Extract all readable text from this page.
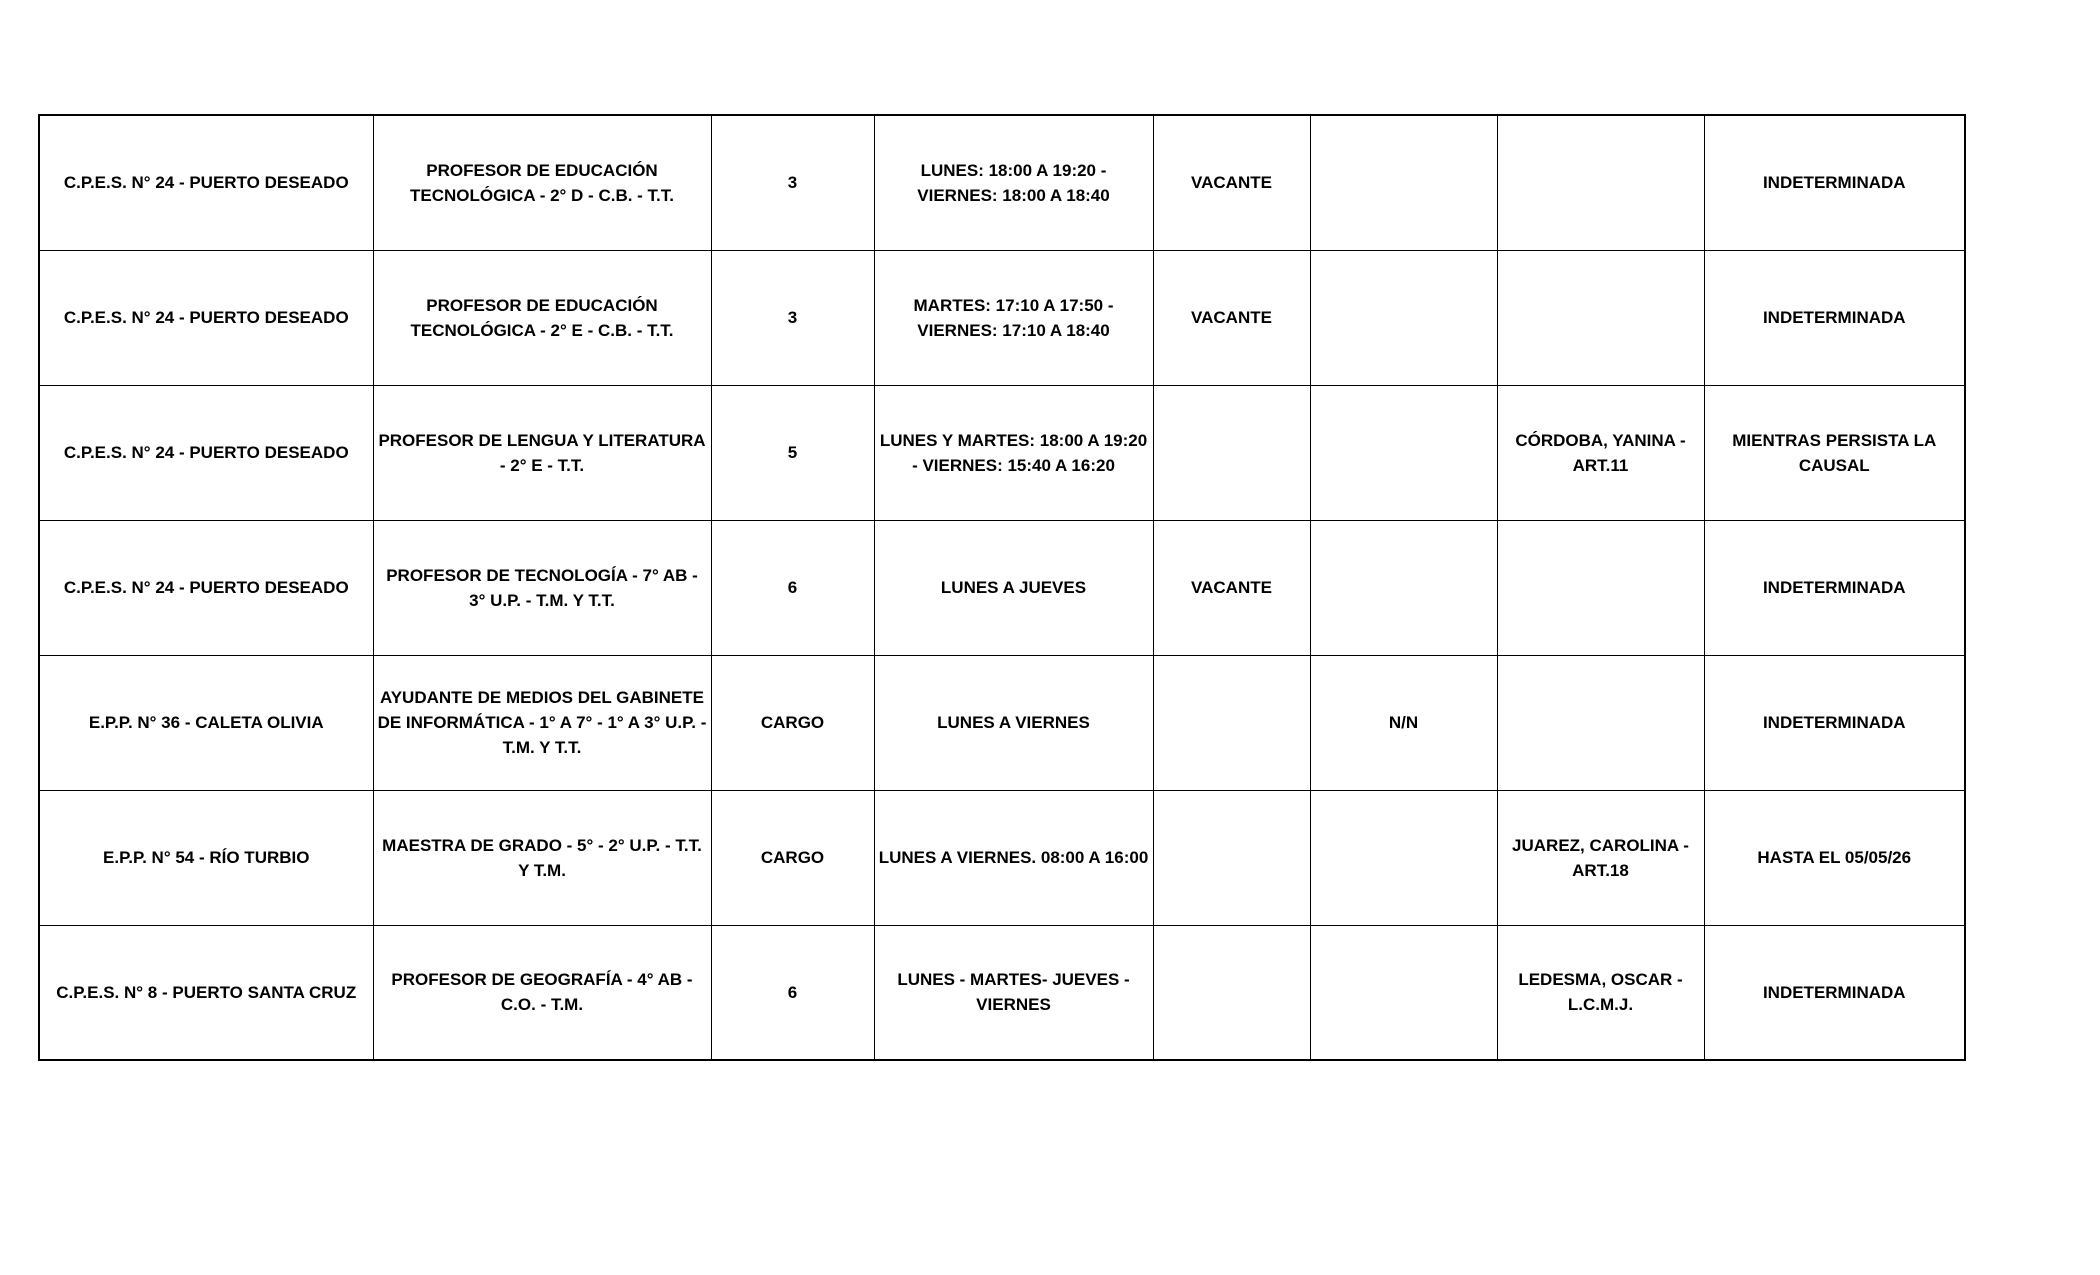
C.P.E.S. N° 24 - PUERTO DESEADO	PROFESOR DE EDUCACIÓN TECNOLÓGICA - 2° D - C.B. - T.T.	3	LUNES: 18:00 A 19:20 - VIERNES: 18:00 A 18:40	VACANTE			INDETERMINADA
C.P.E.S. N° 24 - PUERTO DESEADO	PROFESOR DE EDUCACIÓN TECNOLÓGICA - 2° E - C.B. - T.T.	3	MARTES: 17:10 A 17:50 - VIERNES: 17:10 A 18:40	VACANTE			INDETERMINADA
C.P.E.S. N° 24 - PUERTO DESEADO	PROFESOR DE LENGUA Y LITERATURA - 2° E - T.T.	5	LUNES Y MARTES: 18:00 A 19:20 - VIERNES: 15:40 A 16:20			CÓRDOBA, YANINA - ART.11	MIENTRAS PERSISTA LA CAUSAL
C.P.E.S. N° 24 - PUERTO DESEADO	PROFESOR DE TECNOLOGÍA - 7° AB - 3° U.P. - T.M. Y T.T.	6	LUNES A JUEVES	VACANTE			INDETERMINADA
E.P.P. N° 36 - CALETA OLIVIA	AYUDANTE DE MEDIOS DEL GABINETE DE INFORMÁTICA - 1° A 7° - 1° A 3° U.P. - T.M. Y T.T.	CARGO	LUNES A VIERNES		N/N		INDETERMINADA
E.P.P. N° 54 - RÍO TURBIO	MAESTRA DE GRADO - 5° - 2° U.P. - T.T. Y T.M.	CARGO	LUNES A VIERNES. 08:00 A 16:00			JUAREZ, CAROLINA - ART.18	HASTA EL 05/05/26
C.P.E.S. N° 8 - PUERTO SANTA CRUZ	PROFESOR DE GEOGRAFÍA - 4° AB - C.O. - T.M.	6	LUNES - MARTES- JUEVES - VIERNES			LEDESMA, OSCAR - L.C.M.J.	INDETERMINADA
